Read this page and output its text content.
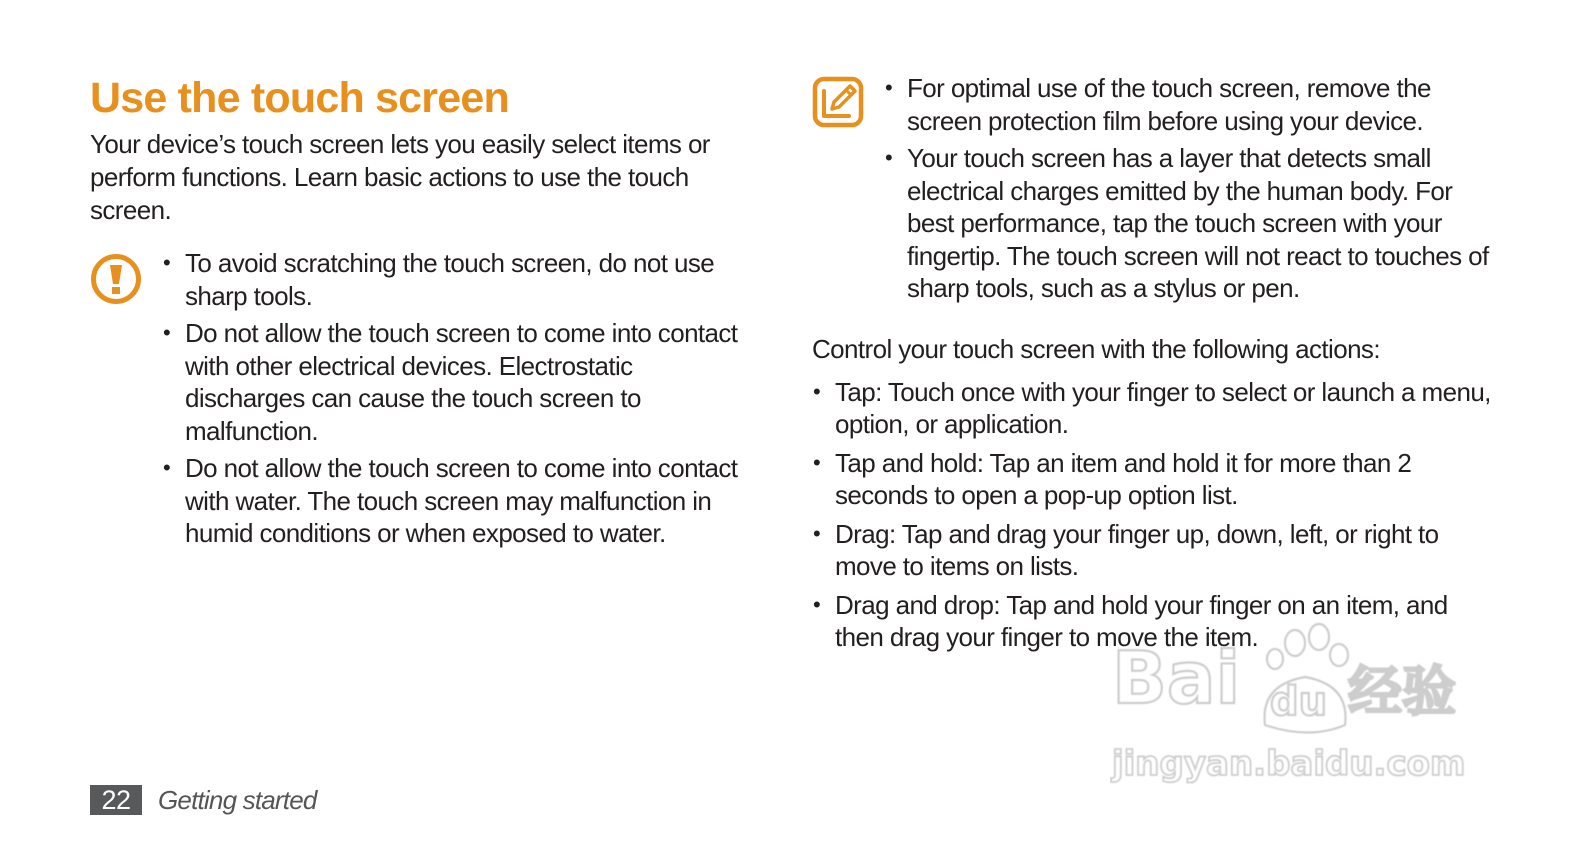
Use the touch screen

Your device’s touch screen lets you easily select items or perform functions. Learn basic actions to use the touch screen.

• To avoid scratching the touch screen, do not use sharp tools.
• Do not allow the touch screen to come into contact with other electrical devices. Electrostatic discharges can cause the touch screen to malfunction.
• Do not allow the touch screen to come into contact with water. The touch screen may malfunction in humid conditions or when exposed to water.
• For optimal use of the touch screen, remove the screen protection film before using your device.
• Your touch screen has a layer that detects small electrical charges emitted by the human body. For best performance, tap the touch screen with your fingertip. The touch screen will not react to touches of sharp tools, such as a stylus or pen.

Control your touch screen with the following actions:

• Tap: Touch once with your finger to select or launch a menu, option, or application.
• Tap and hold: Tap an item and hold it for more than 2 seconds to open a pop-up option list.
• Drag: Tap and drag your finger up, down, left, or right to move to items on lists.
• Drag and drop: Tap and hold your finger on an item, and then drag your finger to move the item.
22	Getting started
Bai du 经验
jingyan.baidu.com
